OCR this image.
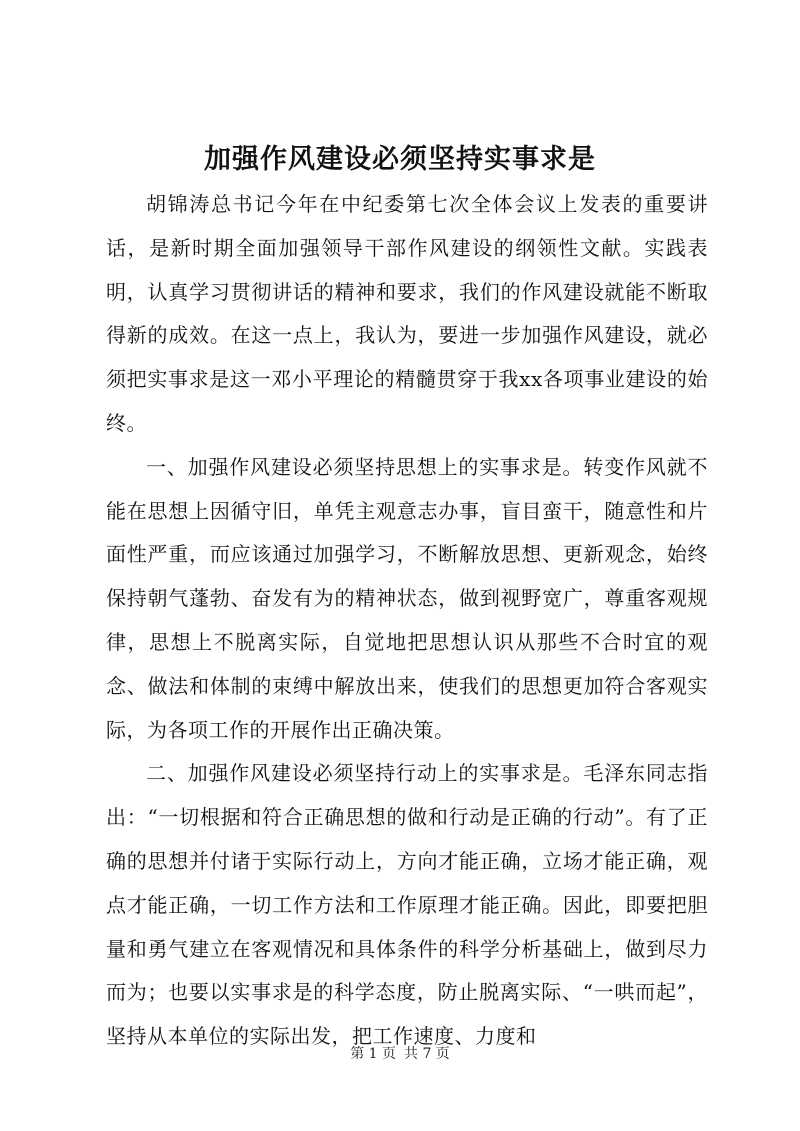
加强作风建设必须坚持实事求是

胡锦涛总书记今年在中纪委第七次全体会议上发表的重要讲话，是新时期全面加强领导干部作风建设的纲领性文献。实践表明，认真学习贯彻讲话的精神和要求，我们的作风建设就能不断取得新的成效。在这一点上，我认为，要进一步加强作风建设，就必须把实事求是这一邓小平理论的精髓贯穿于我xx各项事业建设的始终。

一、加强作风建设必须坚持思想上的实事求是。转变作风就不能在思想上因循守旧，单凭主观意志办事，盲目蛮干，随意性和片面性严重，而应该通过加强学习，不断解放思想、更新观念，始终保持朝气蓬勃、奋发有为的精神状态，做到视野宽广，尊重客观规律，思想上不脱离实际，自觉地把思想认识从那些不合时宜的观念、做法和体制的束缚中解放出来，使我们的思想更加符合客观实际，为各项工作的开展作出正确决策。

二、加强作风建设必须坚持行动上的实事求是。毛泽东同志指出：“一切根据和符合正确思想的做和行动是正确的行动”。有了正确的思想并付诸于实际行动上，方向才能正确，立场才能正确，观点才能正确，一切工作方法和工作原理才能正确。因此，即要把胆量和勇气建立在客观情况和具体条件的科学分析基础上，做到尽力而为；也要以实事求是的科学态度，防止脱离实际、“一哄而起”，坚持从本单位的实际出发，把工作速度、力度和

第 1 页 共 7 页
